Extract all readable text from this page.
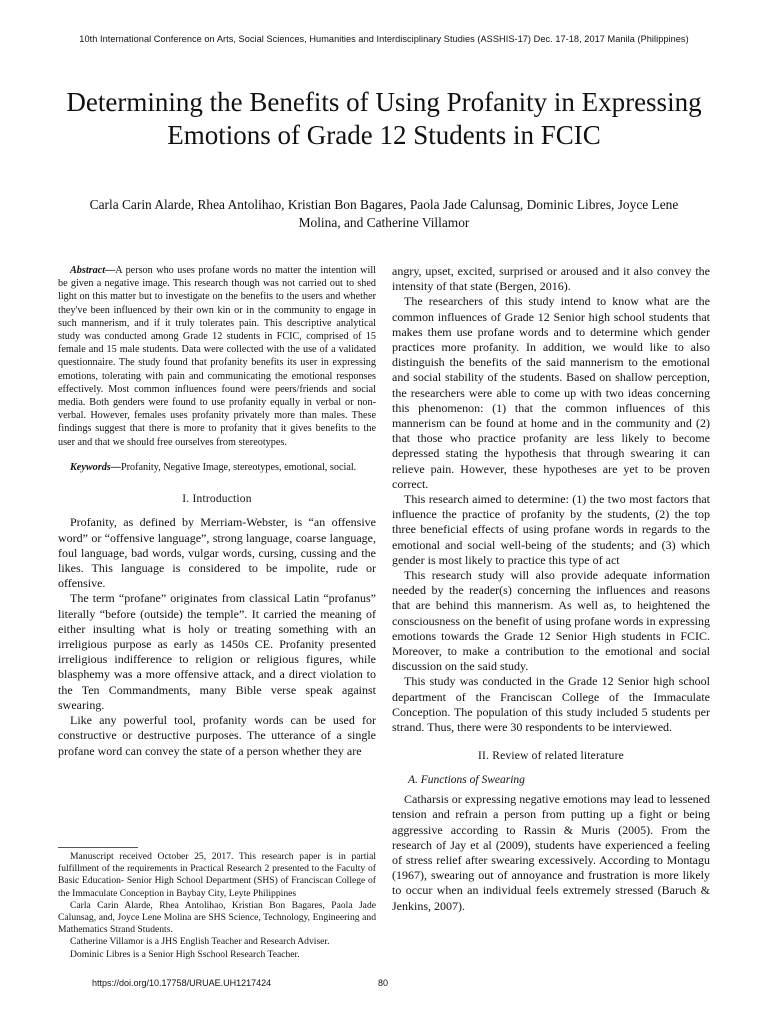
10th International Conference on Arts, Social Sciences, Humanities and Interdisciplinary Studies (ASSHIS-17) Dec. 17-18, 2017 Manila (Philippines)
Determining the Benefits of Using Profanity in Expressing Emotions of Grade 12 Students in FCIC
Carla Carin Alarde, Rhea Antolihao, Kristian Bon Bagares, Paola Jade Calunsag, Dominic Libres, Joyce Lene Molina, and Catherine Villamor

Abstract—A person who uses profane words no matter the intention will be given a negative image. This research though was not carried out to shed light on this matter but to investigate on the benefits to the users and whether they've been influenced by their own kin or in the community to engage in such mannerism, and if it truly tolerates pain. This descriptive analytical study was conducted among Grade 12 students in FCIC, comprised of 15 female and 15 male students. Data were collected with the use of a validated questionnaire. The study found that profanity benefits its user in expressing emotions, tolerating with pain and communicating the emotional responses effectively. Most common influences found were peers/friends and social media. Both genders were found to use profanity equally in verbal or non-verbal. However, females uses profanity privately more than males. These findings suggest that there is more to profanity that it gives benefits to the user and that we should free ourselves from stereotypes.

Keywords—Profanity, Negative Image, stereotypes, emotional, social.

I. Introduction

Profanity, as defined by Merriam-Webster, is “an offensive word” or “offensive language”, strong language, coarse language, foul language, bad words, vulgar words, cursing, cussing and the likes. This language is considered to be impolite, rude or offensive.

The term “profane” originates from classical Latin “profanus” literally “before (outside) the temple”. It carried the meaning of either insulting what is holy or treating something with an irreligious purpose as early as 1450s CE. Profanity presented irreligious indifference to religion or religious figures, while blasphemy was a more offensive attack, and a direct violation to the Ten Commandments, many Bible verse speak against swearing.

Like any powerful tool, profanity words can be used for constructive or destructive purposes. The utterance of a single profane word can convey the state of a person whether they are

Manuscript received October 25, 2017. This research paper is in partial fulfillment of the requirements in Practical Research 2 presented to the Faculty of Basic Education- Senior High School Department (SHS) of Franciscan College of the Immaculate Conception in Baybay City, Leyte Philippines

Carla Carin Alarde, Rhea Antolihao, Kristian Bon Bagares, Paola Jade Calunsag, and, Joyce Lene Molina are SHS Science, Technology, Engineering and Mathematics Strand Students.

Catherine Villamor is a JHS English Teacher and Research Adviser.

Dominic Libres is a Senior High Sschool Research Teacher.

angry, upset, excited, surprised or aroused and it also convey the intensity of that state (Bergen, 2016).

The researchers of this study intend to know what are the common influences of Grade 12 Senior high school students that makes them use profane words and to determine which gender practices more profanity. In addition, we would like to also distinguish the benefits of the said mannerism to the emotional and social stability of the students. Based on shallow perception, the researchers were able to come up with two ideas concerning this phenomenon: (1) that the common influences of this mannerism can be found at home and in the community and (2) that those who practice profanity are less likely to become depressed stating the hypothesis that through swearing it can relieve pain. However, these hypotheses are yet to be proven correct.

This research aimed to determine: (1) the two most factors that influence the practice of profanity by the students, (2) the top three beneficial effects of using profane words in regards to the emotional and social well-being of the students; and (3) which gender is most likely to practice this type of act

This research study will also provide adequate information needed by the reader(s) concerning the influences and reasons that are behind this mannerism. As well as, to heightened the consciousness on the benefit of using profane words in expressing emotions towards the Grade 12 Senior High students in FCIC. Moreover, to make a contribution to the emotional and social discussion on the said study.

This study was conducted in the Grade 12 Senior high school department of the Franciscan College of the Immaculate Conception. The population of this study included 5 students per strand. Thus, there were 30 respondents to be interviewed.

II. Review of related literature
A. Functions of Swearing

Catharsis or expressing negative emotions may lead to lessened tension and refrain a person from putting up a fight or being aggressive according to Rassin & Muris (2005). From the research of Jay et al (2009), students have experienced a feeling of stress relief after swearing excessively. According to Montagu (1967), swearing out of annoyance and frustration is more likely to occur when an individual feels extremely stressed (Baruch & Jenkins, 2007).

https://doi.org/10.17758/URUAE.UH1217424	80
